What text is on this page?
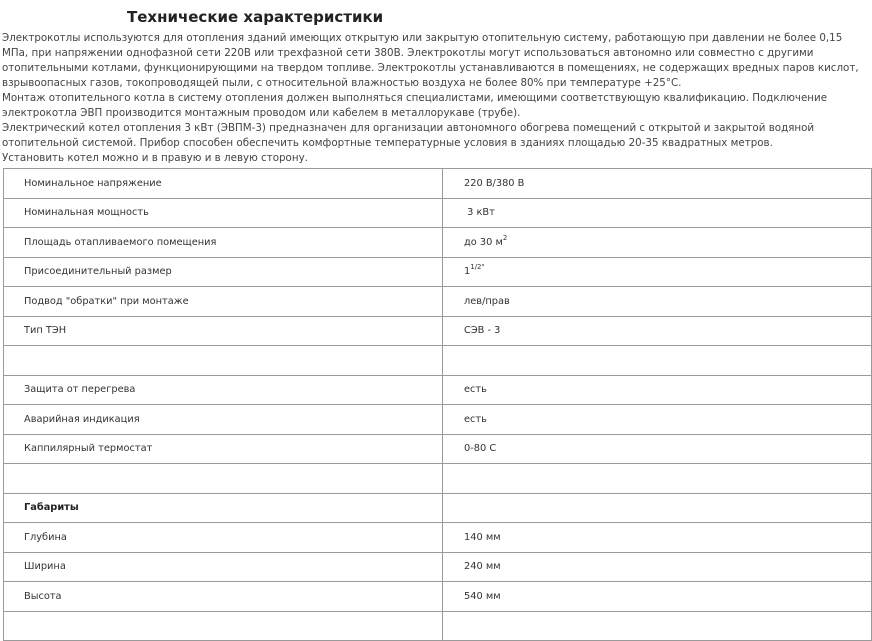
Технические характеристики

Электрокотлы используются для отопления зданий имеющих открытую или закрытую отопительную систему, работающую при давлении не более 0,15 МПа, при напряжении однофазной сети 220В или трехфазной сети 380В. Электрокотлы могут использоваться автономно или совместно с другими отопительными котлами, функционирующими на твердом топливе. Электрокотлы устанавливаются в помещениях, не содержащих вредных паров кислот, взрывоопасных газов, токопроводящей пыли, с относительной влажностью воздуха не более 80% при температуре +25°С.

Монтаж отопительного котла в систему отопления должен выполняться специалистами, имеющими соответствующую квалификацию. Подключение электрокотла ЭВП производится монтажным проводом или кабелем в металлорукаве (трубе).

Электрический котел отопления 3 кВт (ЭВПМ-3) предназначен для организации автономного обогрева помещений с открытой и закрытой водяной отопительной системой. Прибор способен обеспечить комфортные температурные условия в зданиях площадью 20-35 квадратных метров.

Установить котел можно и в правую и в левую сторону.

Номинальное напряжение	220 В/380 В
Номинальная мощность	3 кВт
Площадь отапливаемого помещения	до 30 $м^2$
Присоединительный размер	$1^{1/2"}$
Подвод "обратки" при монтаже	лев/прав
Тип ТЭН	СЭВ - 3

Защита от перегрева	есть
Аварийная индикация	есть
Каппилярный термостат	0-80 С

Габариты	
Глубина	140 мм
Ширина	240 мм
Высота	540 мм
